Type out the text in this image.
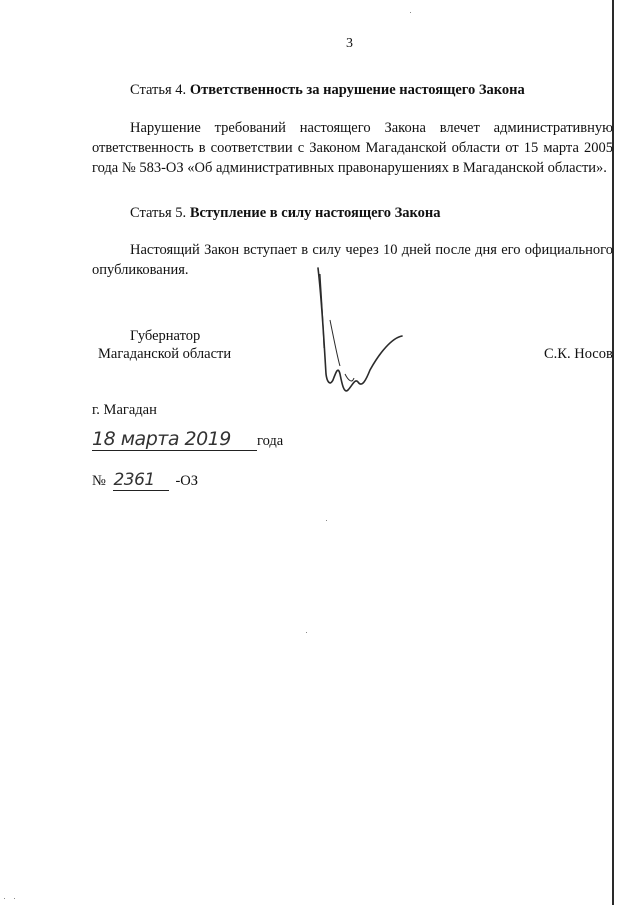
3
Статья 4. Ответственность за нарушение настоящего Закона
Нарушение требований настоящего Закона влечет административную ответственность в соответствии с Законом Магаданской области от 15 марта 2005 года № 583-ОЗ «Об административных правонарушениях в Магаданской области».
Статья 5. Вступление в силу настоящего Закона
Настоящий Закон вступает в силу через 10 дней после дня его официального опубликования.
Губернатор
Магаданской области	С.К. Носов
г. Магадан
18 марта 2019 года
№ 2361 -ОЗ
